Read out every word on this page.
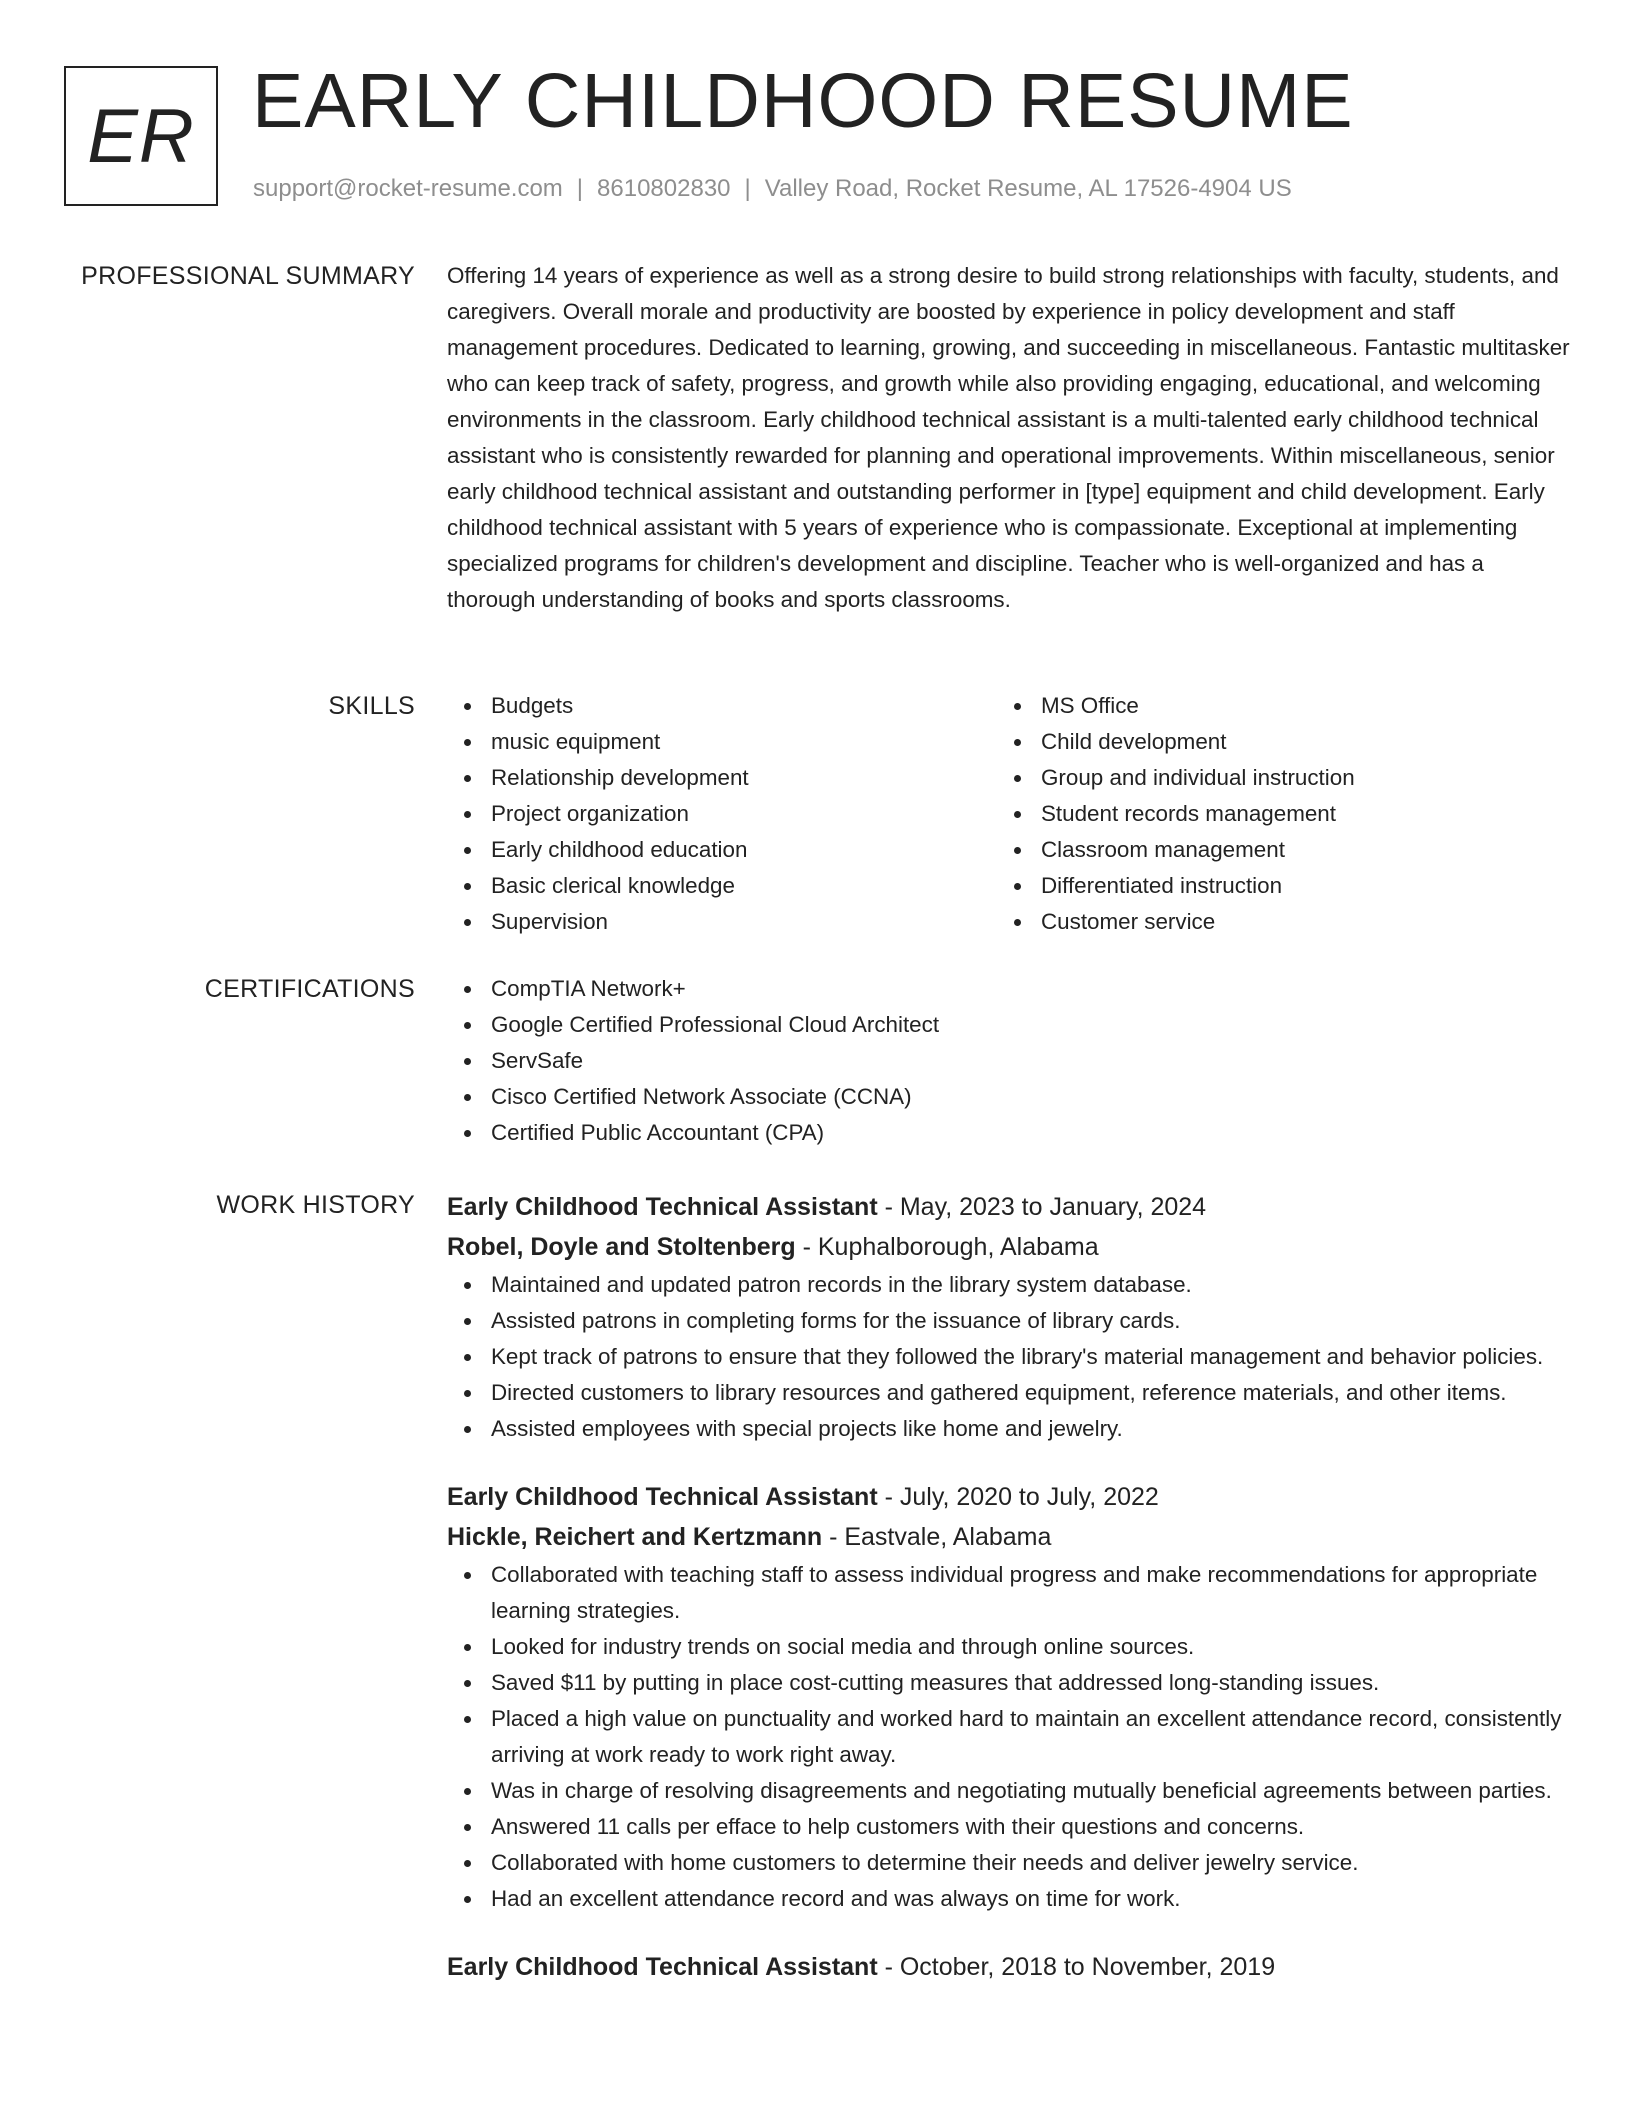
ER EARLY CHILDHOOD RESUME
support@rocket-resume.com | 8610802830 | Valley Road, Rocket Resume, AL 17526-4904 US
PROFESSIONAL SUMMARY Offering 14 years of experience as well as a strong desire to build strong relationships with faculty, students, and caregivers. Overall morale and productivity are boosted by experience in policy development and staff management procedures. Dedicated to learning, growing, and succeeding in miscellaneous. Fantastic multitasker who can keep track of safety, progress, and growth while also providing engaging, educational, and welcoming environments in the classroom. Early childhood technical assistant is a multi-talented early childhood technical assistant who is consistently rewarded for planning and operational improvements. Within miscellaneous, senior early childhood technical assistant and outstanding performer in [type] equipment and child development. Early childhood technical assistant with 5 years of experience who is compassionate. Exceptional at implementing specialized programs for children's development and discipline. Teacher who is well-organized and has a thorough understanding of books and sports classrooms.

SKILLS	Budgets
music equipment
Relationship development
Project organization
Early childhood education
Basic clerical knowledge
Supervision
MS Office
Child development
Group and individual instruction
Student records management
Classroom management
Differentiated instruction
Customer service
CERTIFICATIONS	CompTIA Network+
Google Certified Professional Cloud Architect
ServSafe
Cisco Certified Network Associate (CCNA)
Certified Public Accountant (CPA)
WORK HISTORY Early Childhood Technical Assistant - May, 2023 to January, 2024
Robel, Doyle and Stoltenberg - Kuphalborough, Alabama
Maintained and updated patron records in the library system database.
Assisted patrons in completing forms for the issuance of library cards.
Kept track of patrons to ensure that they followed the library's material management and behavior policies.
Directed customers to library resources and gathered equipment, reference materials, and other items.
Assisted employees with special projects like home and jewelry.
Early Childhood Technical Assistant - July, 2020 to July, 2022
Hickle, Reichert and Kertzmann - Eastvale, Alabama
Collaborated with teaching staff to assess individual progress and make recommendations for appropriate learning strategies.
Looked for industry trends on social media and through online sources.
Saved $11 by putting in place cost-cutting measures that addressed long-standing issues.
Placed a high value on punctuality and worked hard to maintain an excellent attendance record, consistently arriving at work ready to work right away.
Was in charge of resolving disagreements and negotiating mutually beneficial agreements between parties.
Answered 11 calls per efface to help customers with their questions and concerns.
Collaborated with home customers to determine their needs and deliver jewelry service.
Had an excellent attendance record and was always on time for work.
Early Childhood Technical Assistant - October, 2018 to November, 2019
